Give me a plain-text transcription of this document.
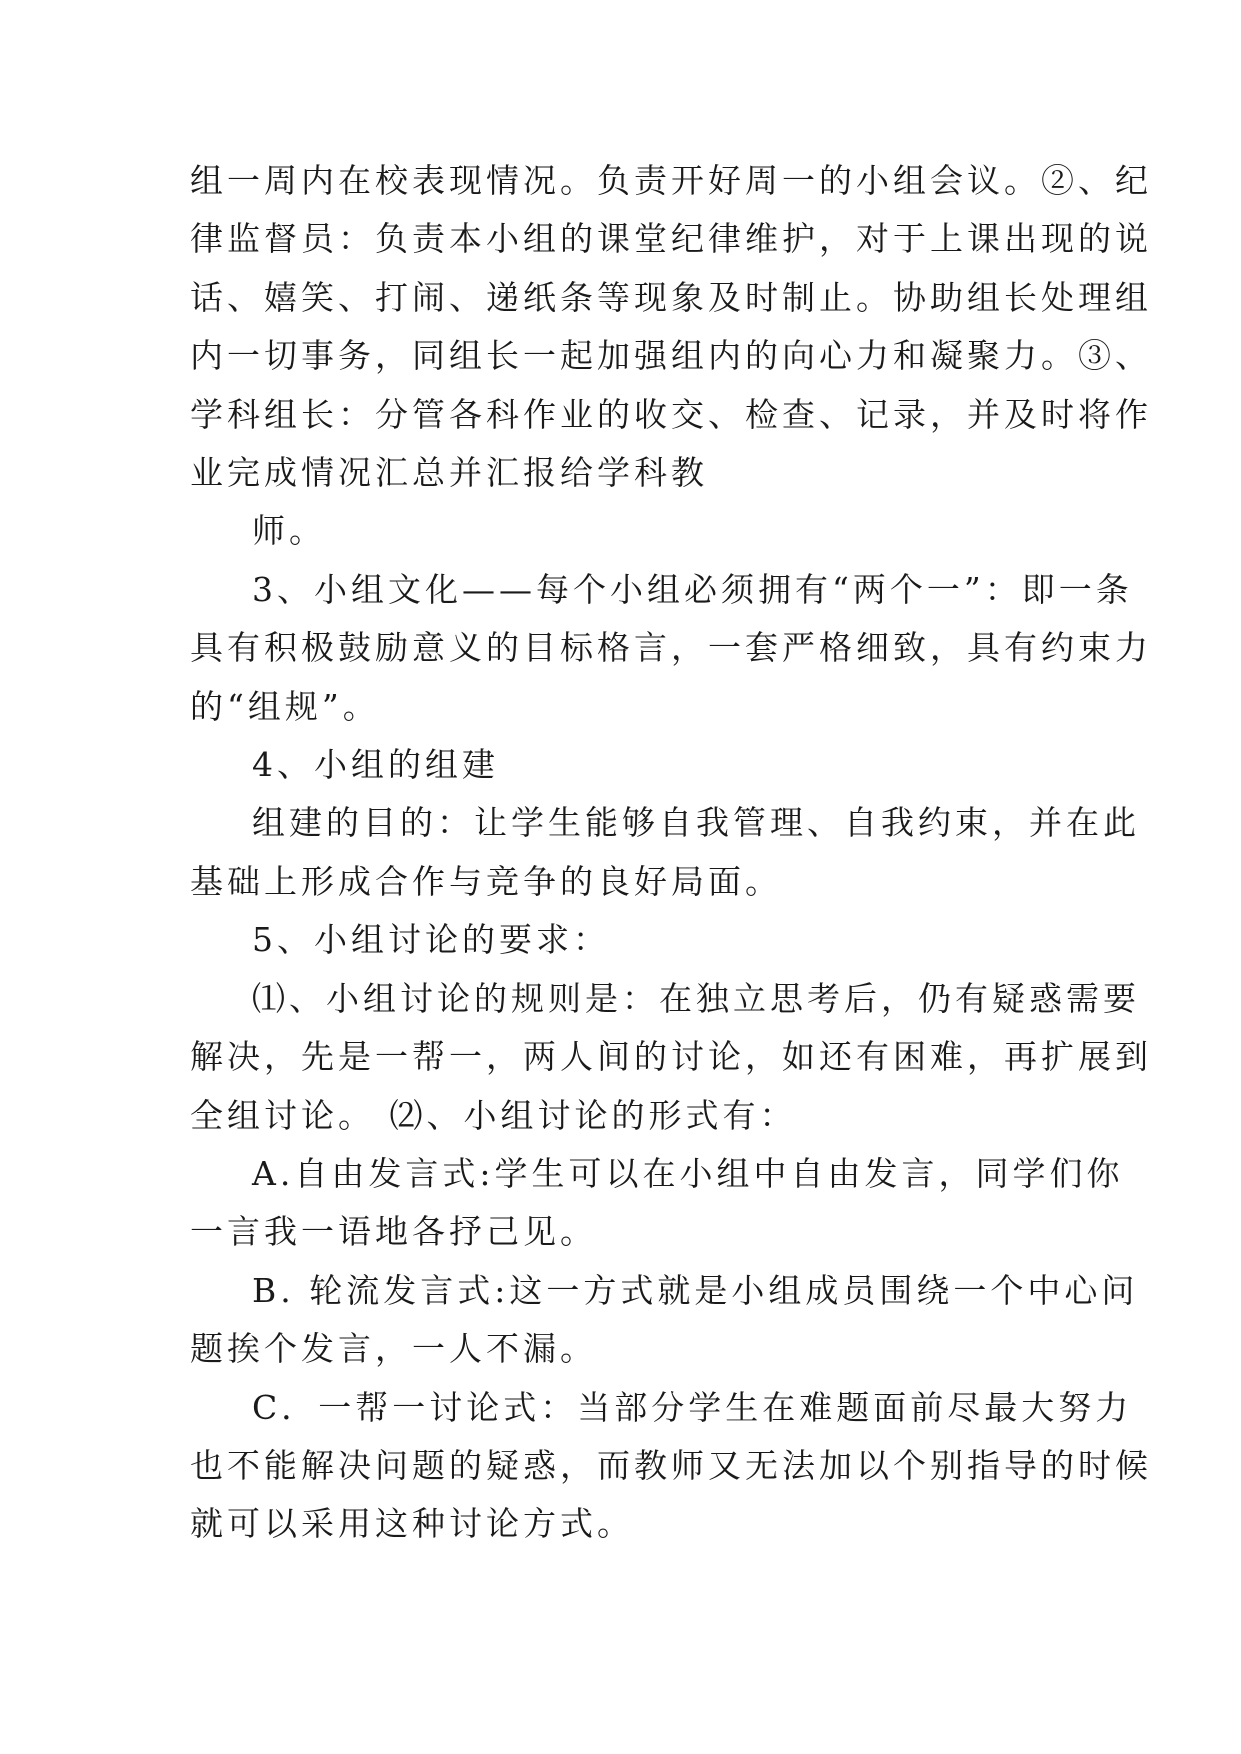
组一周内在校表现情况。负责开好周一的小组会议。②、纪

律监督员：负责本小组的课堂纪律维护，对于上课出现的说

话、嬉笑、打闹、递纸条等现象及时制止。协助组长处理组

内一切事务，同组长一起加强组内的向心力和凝聚力。③、

学科组长：分管各科作业的收交、检查、记录，并及时将作

业完成情况汇总并汇报给学科教

师。

3、小组文化——每个小组必须拥有“两个一”：即一条

具有积极鼓励意义的目标格言，一套严格细致，具有约束力

的“组规”。

4、小组的组建

组建的目的：让学生能够自我管理、自我约束，并在此

基础上形成合作与竞争的良好局面。

5、小组讨论的要求：

⑴、小组讨论的规则是：在独立思考后，仍有疑惑需要

解决，先是一帮一，两人间的讨论，如还有困难，再扩展到

全组讨论。 ⑵、小组讨论的形式有：

A.自由发言式:学生可以在小组中自由发言，同学们你

一言我一语地各抒己见。

B. 轮流发言式:这一方式就是小组成员围绕一个中心问

题挨个发言，一人不漏。

C．一帮一讨论式：当部分学生在难题面前尽最大努力

也不能解决问题的疑惑，而教师又无法加以个别指导的时候

就可以采用这种讨论方式。
